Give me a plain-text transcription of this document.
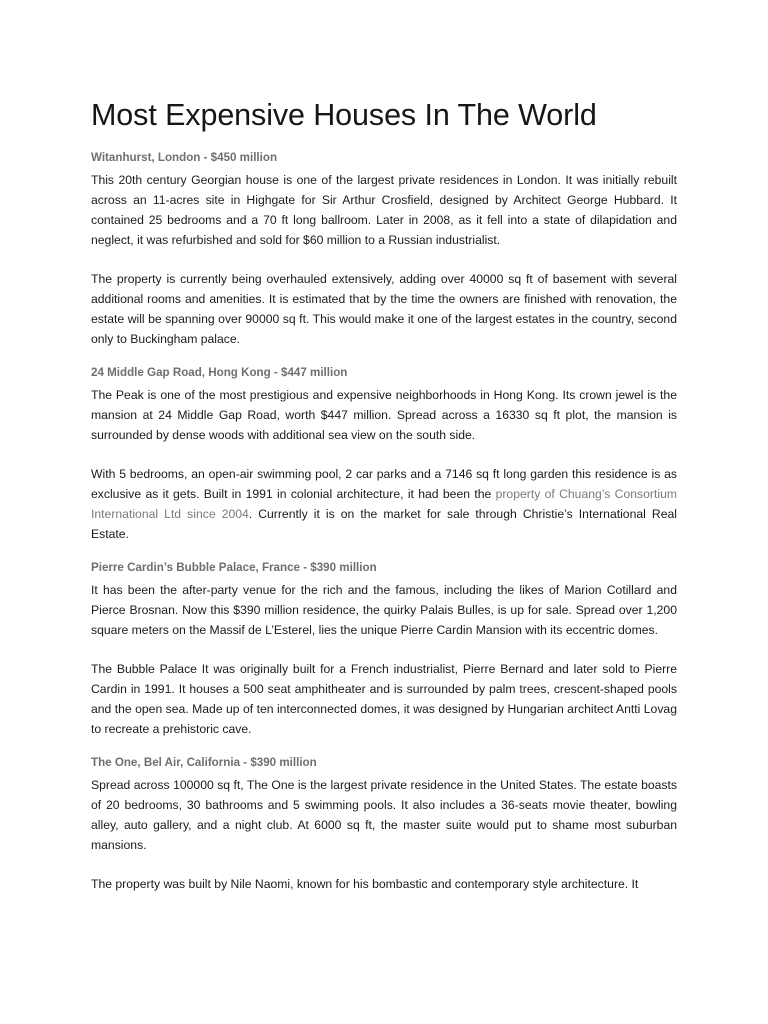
Most Expensive Houses In The World
Witanhurst, London - $450 million

This 20th century Georgian house is one of the largest private residences in London. It was initially rebuilt across an 11-acres site in Highgate for Sir Arthur Crosfield, designed by Architect George Hubbard. It contained 25 bedrooms and a 70 ft long ballroom. Later in 2008, as it fell into a state of dilapidation and neglect, it was refurbished and sold for $60 million to a Russian industrialist.

The property is currently being overhauled extensively, adding over 40000 sq ft of basement with several additional rooms and amenities. It is estimated that by the time the owners are finished with renovation, the estate will be spanning over 90000 sq ft. This would make it one of the largest estates in the country, second only to Buckingham palace.

24 Middle Gap Road, Hong Kong - $447 million

The Peak is one of the most prestigious and expensive neighborhoods in Hong Kong. Its crown jewel is the mansion at 24 Middle Gap Road, worth $447 million. Spread across a 16330 sq ft plot, the mansion is surrounded by dense woods with additional sea view on the south side.

With 5 bedrooms, an open-air swimming pool, 2 car parks and a 7146 sq ft long garden this residence is as exclusive as it gets. Built in 1991 in colonial architecture, it had been the property of Chuang’s Consortium International Ltd since 2004. Currently it is on the market for sale through Christie’s International Real Estate.

Pierre Cardin’s Bubble Palace, France - $390 million

It has been the after-party venue for the rich and the famous, including the likes of Marion Cotillard and Pierce Brosnan. Now this $390 million residence, the quirky Palais Bulles, is up for sale. Spread over 1,200 square meters on the Massif de L’Esterel, lies the unique Pierre Cardin Mansion with its eccentric domes.

The Bubble Palace It was originally built for a French industrialist, Pierre Bernard and later sold to Pierre Cardin in 1991. It houses a 500 seat amphitheater and is surrounded by palm trees, crescent-shaped pools and the open sea. Made up of ten interconnected domes, it was designed by Hungarian architect Antti Lovag to recreate a prehistoric cave.

The One, Bel Air, California - $390 million

Spread across 100000 sq ft, The One is the largest private residence in the United States. The estate boasts of 20 bedrooms, 30 bathrooms and 5 swimming pools. It also includes a 36-seats movie theater, bowling alley, auto gallery, and a night club. At 6000 sq ft, the master suite would put to shame most suburban mansions.

The property was built by Nile Naomi, known for his bombastic and contemporary style architecture. It
